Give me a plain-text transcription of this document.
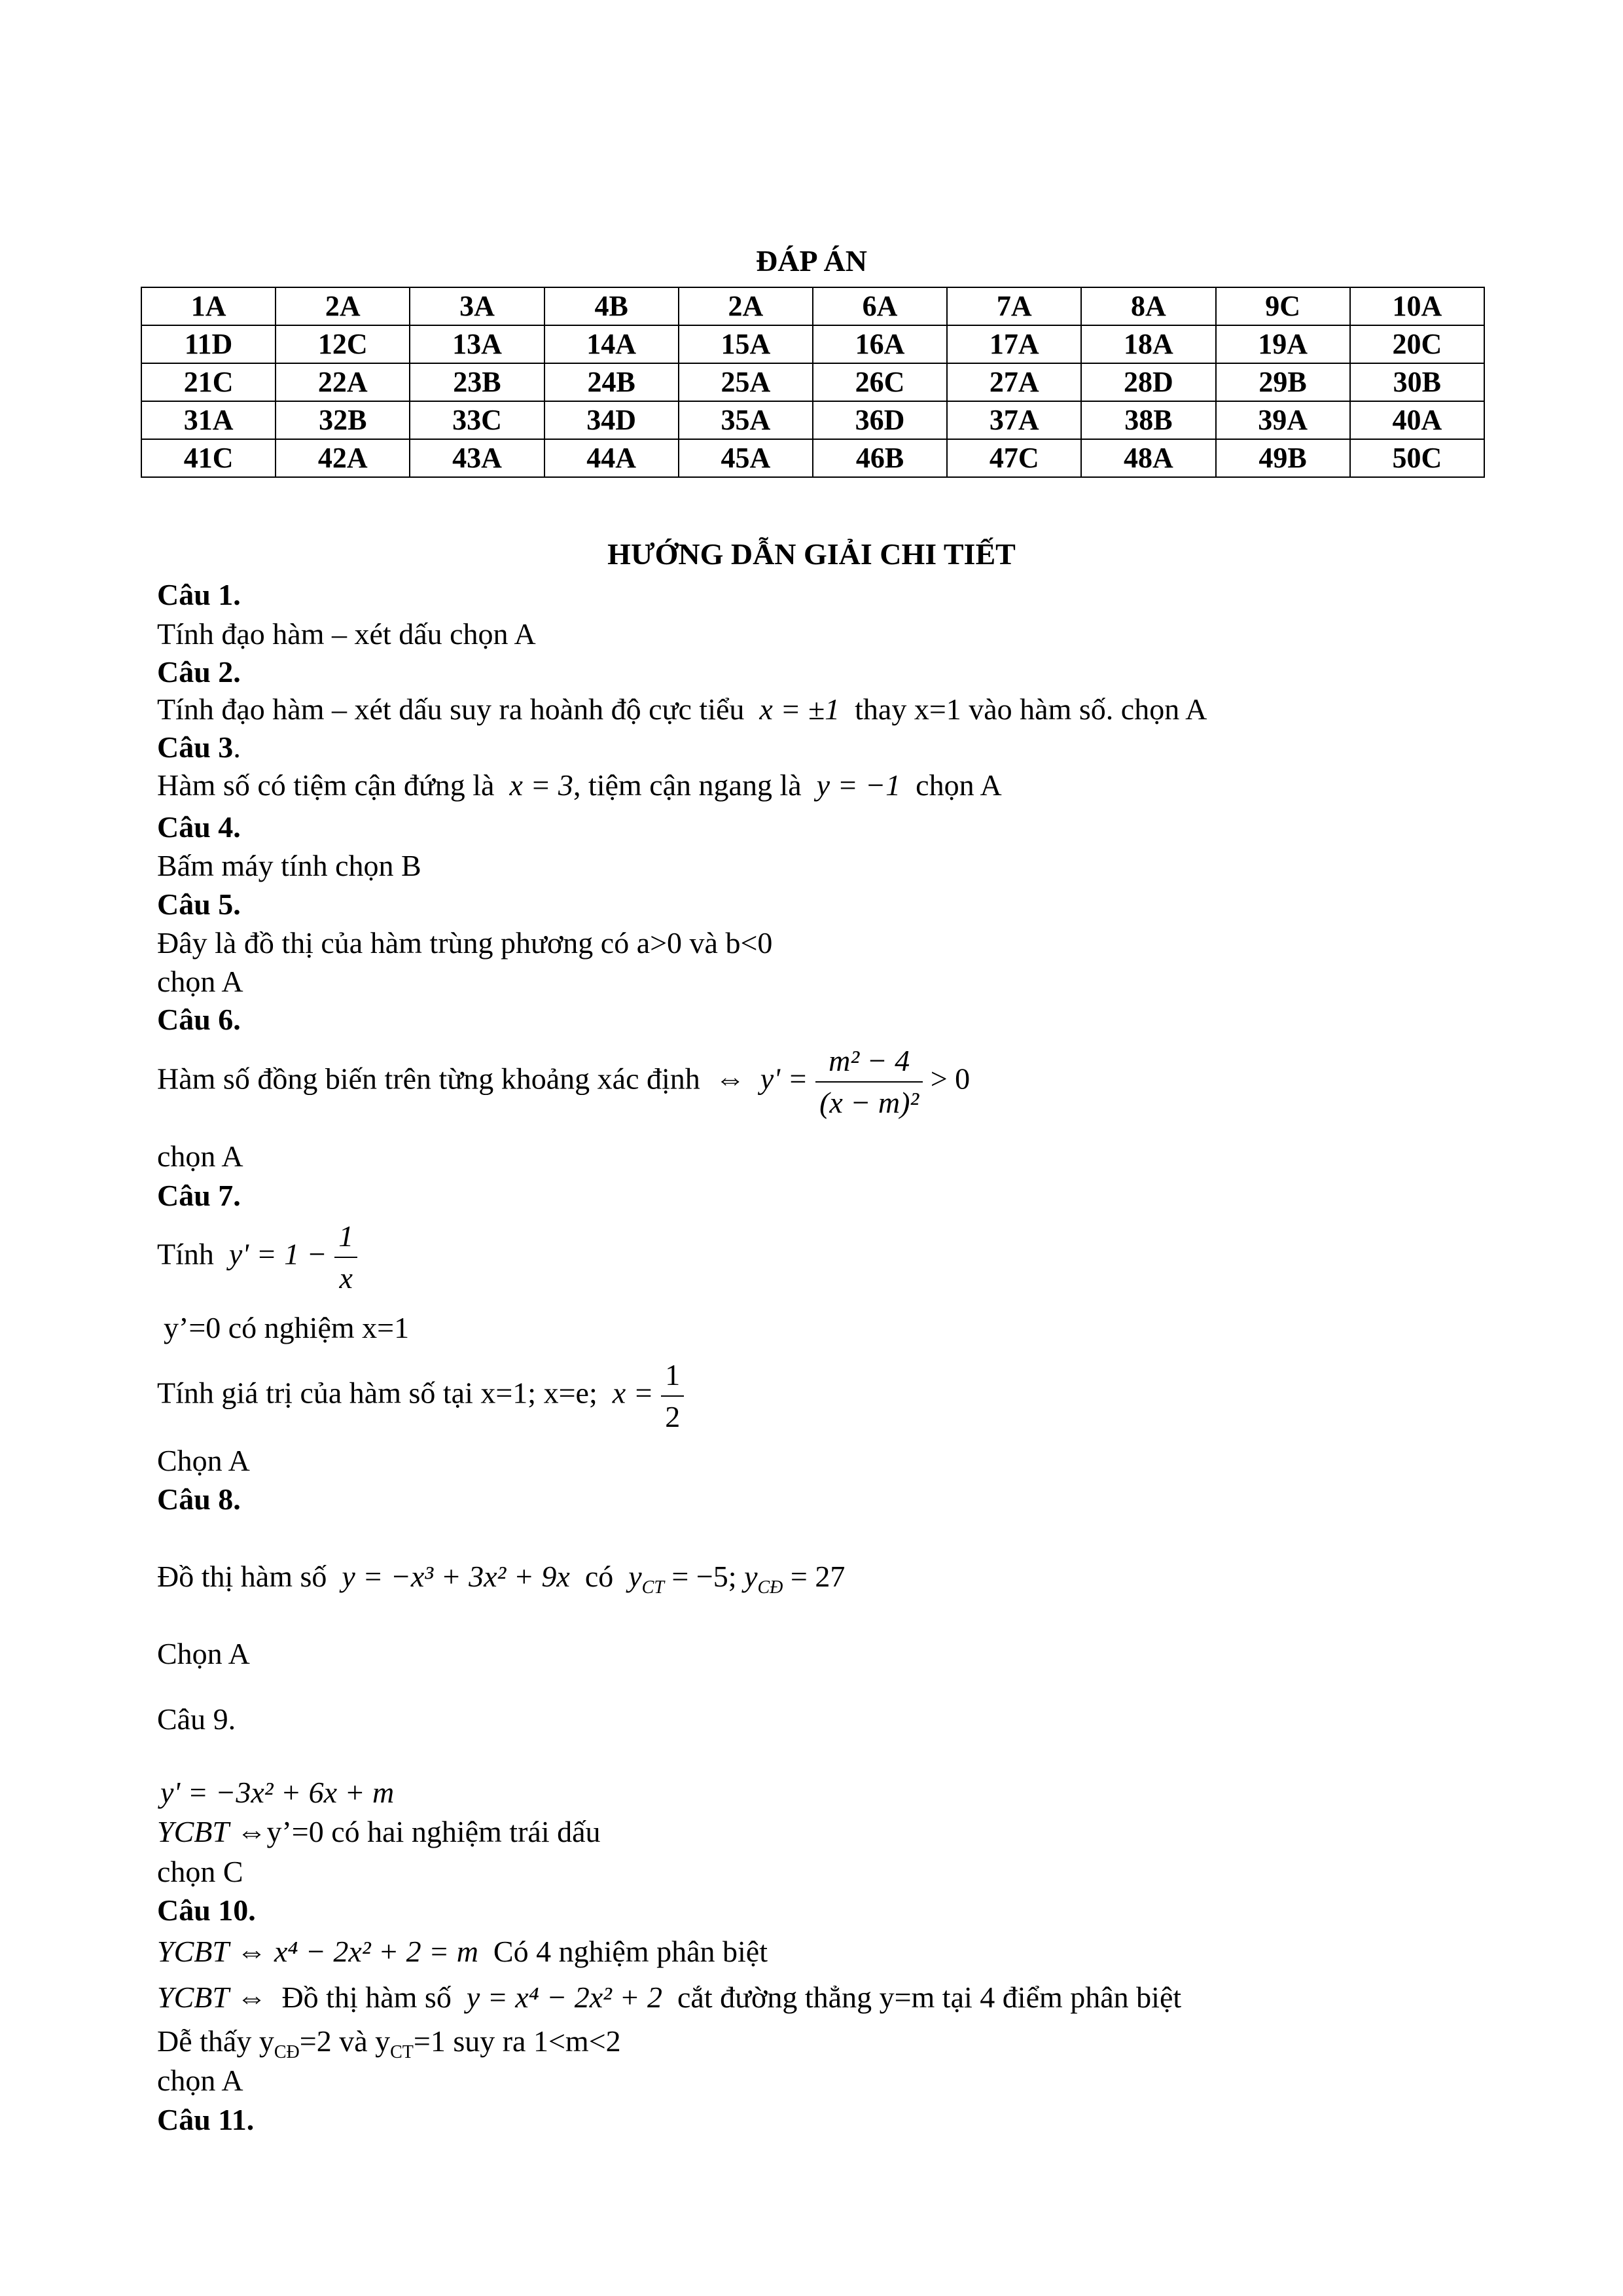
ĐÁP ÁN
1A	2A	3A	4B	2A	6A	7A	8A	9C	10A
11D	12C	13A	14A	15A	16A	17A	18A	19A	20C
21C	22A	23B	24B	25A	26C	27A	28D	29B	30B
31A	32B	33C	34D	35A	36D	37A	38B	39A	40A
41C	42A	43A	44A	45A	46B	47C	48A	49B	50C
HƯỚNG DẪN GIẢI CHI TIẾT
Câu 1.
Tính đạo hàm – xét dấu chọn A
Câu 2.
Tính đạo hàm – xét dấu suy ra hoành độ cực tiểu x = ±1 thay x=1 vào hàm số. chọn A
Câu 3.
Hàm số có tiệm cận đứng là x = 3, tiệm cận ngang là y = −1 chọn A
Câu 4.
Bấm máy tính chọn B
Câu 5.
Đây là đồ thị của hàm trùng phương có a>0 và b<0
chọn A
Câu 6.
Hàm số đồng biến trên từng khoảng xác định ⇔ $y' = \frac{\text{m² − 4}}{\text{(x − m)²}} > 0$
chọn A
Câu 7.
Tính $y' = 1 - \frac{1}{x}$
y’=0 có nghiệm x=1
Tính giá trị của hàm số tại x=1; x=e; $x = \frac{1}{2}$
Chọn A
Câu 8.
Đồ thị hàm số y = −x³ + 3x² + 9x có $y_{CT} = -5$; $y_{CĐ} = 27$
Chọn A
Câu 9.
y' = −3x² + 6x + m
YCBT ⇔y’=0 có hai nghiệm trái dấu
chọn C
Câu 10.
YCBT ⇔ x⁴ − 2x² + 2 = m Có 4 nghiệm phân biệt
YCBT ⇔ Đồ thị hàm số y = x⁴ − 2x² + 2 cắt đường thẳng y=m tại 4 điểm phân biệt
Dễ thấy $y_{CĐ}=2$ và $y_{CT}=1$ suy ra 1<m<2
chọn A
Câu 11.
